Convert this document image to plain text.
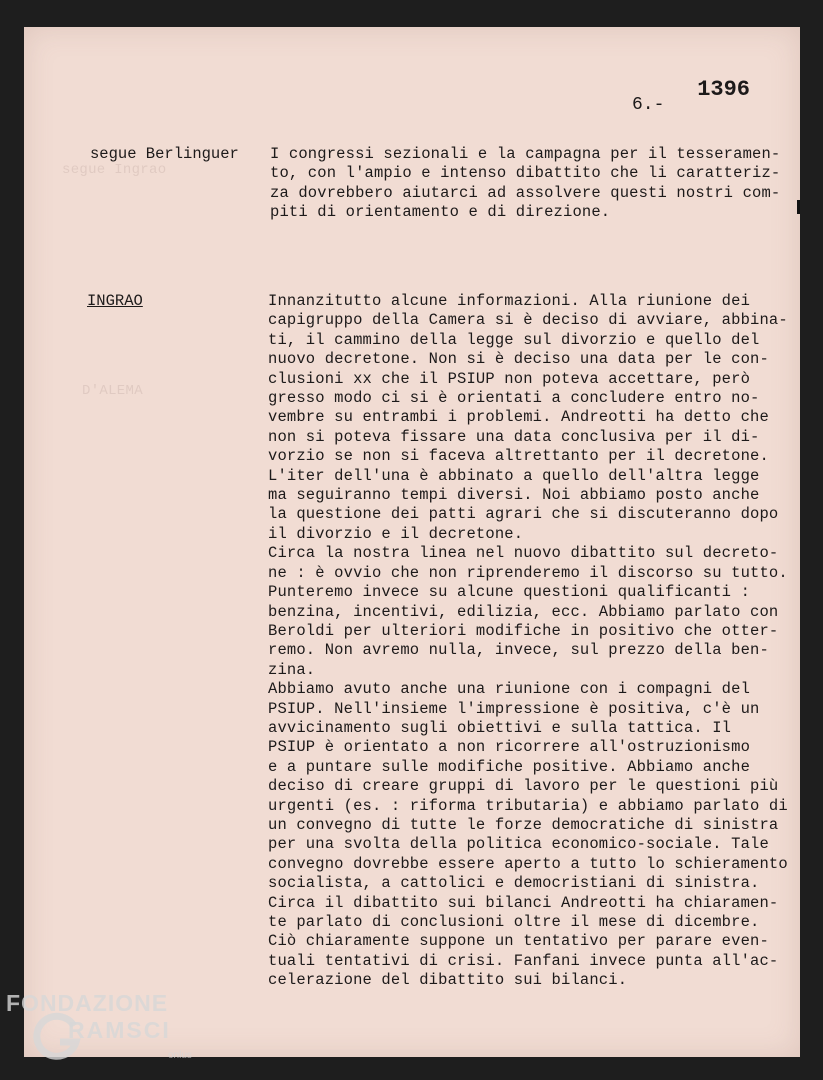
segue Ingrao
D'ALEMA
1396
6.-
segue Berlinguer I congressi sezionali e la campagna per il tesseramen-
to, con l'ampio e intenso dibattito che li caratteriz-
za dovrebbero aiutarci ad assolvere questi nostri com-
piti di orientamento e di direzione.
INGRAO	Innanzitutto alcune informazioni. Alla riunione dei
capigruppo della Camera si è deciso di avviare, abbina-
ti, il cammino della legge sul divorzio e quello del
nuovo decretone. Non si è deciso una data per le con-
clusioni xx che il PSIUP non poteva accettare, però
gresso modo ci si è orientati a concludere entro no-
vembre su entrambi i problemi. Andreotti ha detto che
non si poteva fissare una data conclusiva per il di-
vorzio se non si faceva altrettanto per il decretone.
L'iter dell'una è abbinato a quello dell'altra legge
ma seguiranno tempi diversi. Noi abbiamo posto anche
la questione dei patti agrari che si discuteranno dopo
il divorzio e il decretone.
Circa la nostra linea nel nuovo dibattito sul decreto-
ne : è ovvio che non riprenderemo il discorso su tutto.
Punteremo invece su alcune questioni qualificanti :
benzina, incentivi, edilizia, ecc. Abbiamo parlato con
Beroldi per ulteriori modifiche in positivo che otter-
remo. Non avremo nulla, invece, sul prezzo della ben-
zina.
Abbiamo avuto anche una riunione con i compagni del
PSIUP. Nell'insieme l'impressione è positiva, c'è un
avvicinamento sugli obiettivi e sulla tattica. Il
PSIUP è orientato a non ricorrere all'ostruzionismo
e a puntare sulle modifiche positive. Abbiamo anche
deciso di creare gruppi di lavoro per le questioni più
urgenti (es. : riforma tributaria) e abbiamo parlato di
un convegno di tutte le forze democratiche di sinistra
per una svolta della politica economico-sociale. Tale
convegno dovrebbe essere aperto a tutto lo schieramento
socialista, a cattolici e democristiani di sinistra.
Circa il dibattito sui bilanci Andreotti ha chiaramen-
te parlato di conclusioni oltre il mese di dicembre.
Ciò chiaramente suppone un tentativo per parare even-
tuali tentativi di crisi. Fanfani invece punta all'ac-
celerazione del dibattito sui bilanci.
FONDAZIONE
RAMSCI
onlus
